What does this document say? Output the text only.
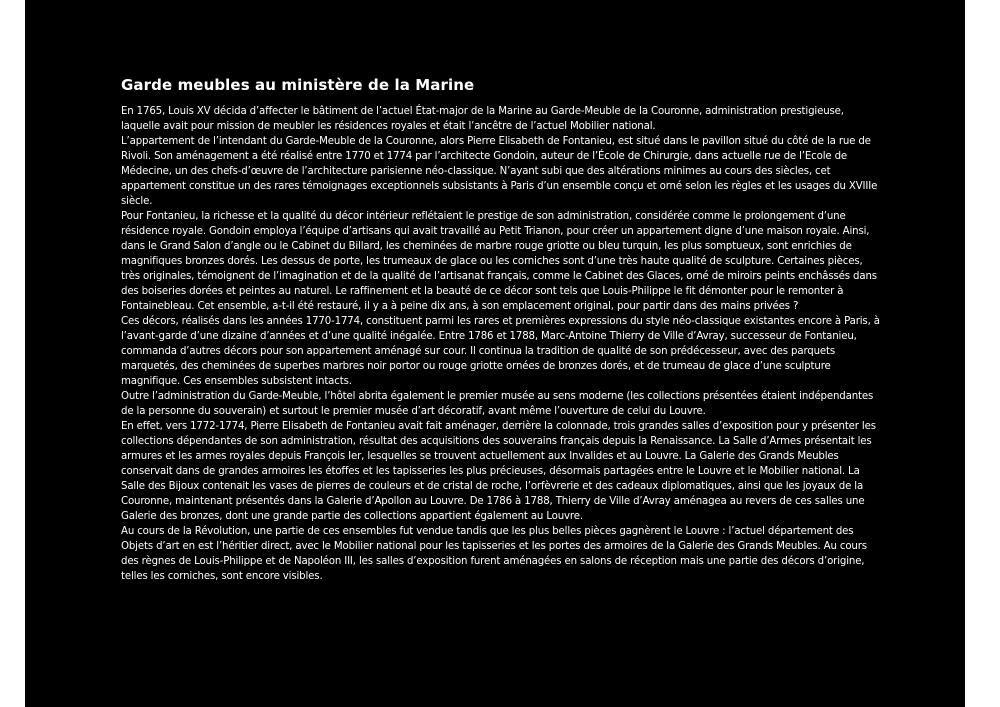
Garde meubles au ministère de la Marine

En 1765, Louis XV décida d’affecter le bâtiment de l’actuel État-major de la Marine au Garde-Meuble de la Couronne, administration prestigieuse, laquelle avait pour mission de meubler les résidences royales et était l’ancêtre de l’actuel Mobilier national.

L’appartement de l’intendant du Garde-Meuble de la Couronne, alors Pierre Elisabeth de Fontanieu, est situé dans le pavillon situé du côté de la rue de Rivoli. Son aménagement a été réalisé entre 1770 et 1774 par l’architecte Gondoin, auteur de l’École de Chirurgie, dans actuelle rue de l’Ecole de Médecine, un des chefs-d’œuvre de l’architecture parisienne néo-classique. N’ayant subi que des altérations minimes au cours des siècles, cet appartement constitue un des rares témoignages exceptionnels subsistants à Paris d’un ensemble conçu et orné selon les règles et les usages du XVIIIe siècle.

Pour Fontanieu, la richesse et la qualité du décor intérieur reflétaient le prestige de son administration, considérée comme le prolongement d’une résidence royale. Gondoin employa l’équipe d’artisans qui avait travaillé au Petit Trianon, pour créer un appartement digne d’une maison royale. Ainsi, dans le Grand Salon d’angle ou le Cabinet du Billard, les cheminées de marbre rouge griotte ou bleu turquin, les plus somptueux, sont enrichies de magnifiques bronzes dorés. Les dessus de porte, les trumeaux de glace ou les corniches sont d’une très haute qualité de sculpture. Certaines pièces, très originales, témoignent de l’imagination et de la qualité de l’artisanat français, comme le Cabinet des Glaces, orné de miroirs peints enchâssés dans des boiseries dorées et peintes au naturel. Le raffinement et la beauté de ce décor sont tels que Louis-Philippe le fit démonter pour le remonter à Fontainebleau. Cet ensemble, a-t-il été restauré, il y a à peine dix ans, à son emplacement original, pour partir dans des mains privées ?

Ces décors, réalisés dans les années 1770-1774, constituent parmi les rares et premières expressions du style néo-classique existantes encore à Paris, à l’avant-garde d’une dizaine d’années et d’une qualité inégalée. Entre 1786 et 1788, Marc-Antoine Thierry de Ville d’Avray, successeur de Fontanieu, commanda d’autres décors pour son appartement aménagé sur cour. Il continua la tradition de qualité de son prédécesseur, avec des parquets marquetés, des cheminées de superbes marbres noir portor ou rouge griotte ornées de bronzes dorés, et de trumeau de glace d’une sculpture magnifique. Ces ensembles subsistent intacts.

Outre l’administration du Garde-Meuble, l’hôtel abrita également le premier musée au sens moderne (les collections présentées étaient indépendantes de la personne du souverain) et surtout le premier musée d’art décoratif, avant même l’ouverture de celui du Louvre.

En effet, vers 1772-1774, Pierre Elisabeth de Fontanieu avait fait aménager, derrière la colonnade, trois grandes salles d’exposition pour y présenter les collections dépendantes de son administration, résultat des acquisitions des souverains français depuis la Renaissance. La Salle d’Armes présentait les armures et les armes royales depuis François Ier, lesquelles se trouvent actuellement aux Invalides et au Louvre. La Galerie des Grands Meubles conservait dans de grandes armoires les étoffes et les tapisseries les plus précieuses, désormais partagées entre le Louvre et le Mobilier national. La Salle des Bijoux contenait les vases de pierres de couleurs et de cristal de roche, l’orfèvrerie et des cadeaux diplomatiques, ainsi que les joyaux de la Couronne, maintenant présentés dans la Galerie d’Apollon au Louvre. De 1786 à 1788, Thierry de Ville d’Avray aménagea au revers de ces salles une Galerie des bronzes, dont une grande partie des collections appartient également au Louvre.

Au cours de la Révolution, une partie de ces ensembles fut vendue tandis que les plus belles pièces gagnèrent le Louvre : l’actuel département des Objets d’art en est l’héritier direct, avec le Mobilier national pour les tapisseries et les portes des armoires de la Galerie des Grands Meubles. Au cours des règnes de Louis-Philippe et de Napoléon III, les salles d’exposition furent aménagées en salons de réception mais une partie des décors d’origine, telles les corniches, sont encore visibles.
